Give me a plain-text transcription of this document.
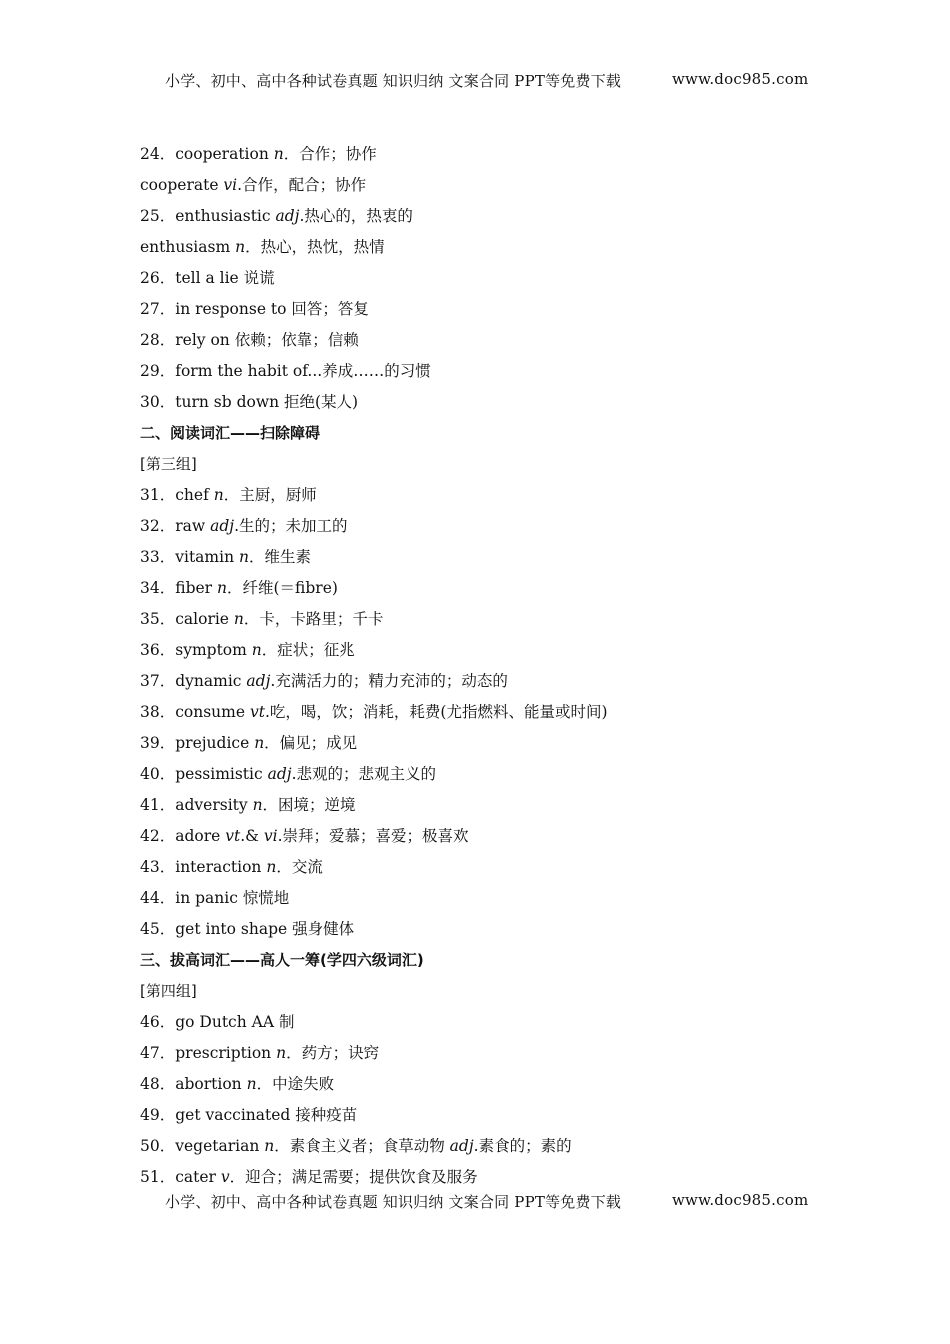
小学、初中、高中各种试卷真题 知识归纳 文案合同 PPT等免费下载	www.doc985.com
24．cooperation n．合作；协作
cooperate vi.合作，配合；协作
25．enthusiastic adj.热心的，热衷的
enthusiasm n．热心，热忱，热情
26．tell a lie 说谎
27．in response to 回答；答复
28．rely on 依赖；依靠；信赖
29．form the habit of...养成……的习惯
30．turn sb down 拒绝(某人)
二、阅读词汇——扫除障碍
[第三组]
31．chef n．主厨，厨师
32．raw adj.生的；未加工的
33．vitamin n．维生素
34．fiber n．纤维(＝fibre)
35．calorie n．卡，卡路里；千卡
36．symptom n．症状；征兆
37．dynamic adj.充满活力的；精力充沛的；动态的
38．consume vt.吃，喝，饮；消耗，耗费(尤指燃料、能量或时间)
39．prejudice n．偏见；成见
40．pessimistic adj.悲观的；悲观主义的
41．adversity n．困境；逆境
42．adore vt.& vi.崇拜；爱慕；喜爱；极喜欢
43．interaction n．交流
44．in panic 惊慌地
45．get into shape 强身健体
三、拔高词汇——高人一筹(学四六级词汇)
[第四组]
46．go Dutch AA 制
47．prescription n．药方；诀窍
48．abortion n．中途失败
49．get vaccinated 接种疫苗
50．vegetarian n．素食主义者；食草动物 adj.素食的；素的
51．cater v．迎合；满足需要；提供饮食及服务
小学、初中、高中各种试卷真题 知识归纳 文案合同 PPT等免费下载	www.doc985.com
